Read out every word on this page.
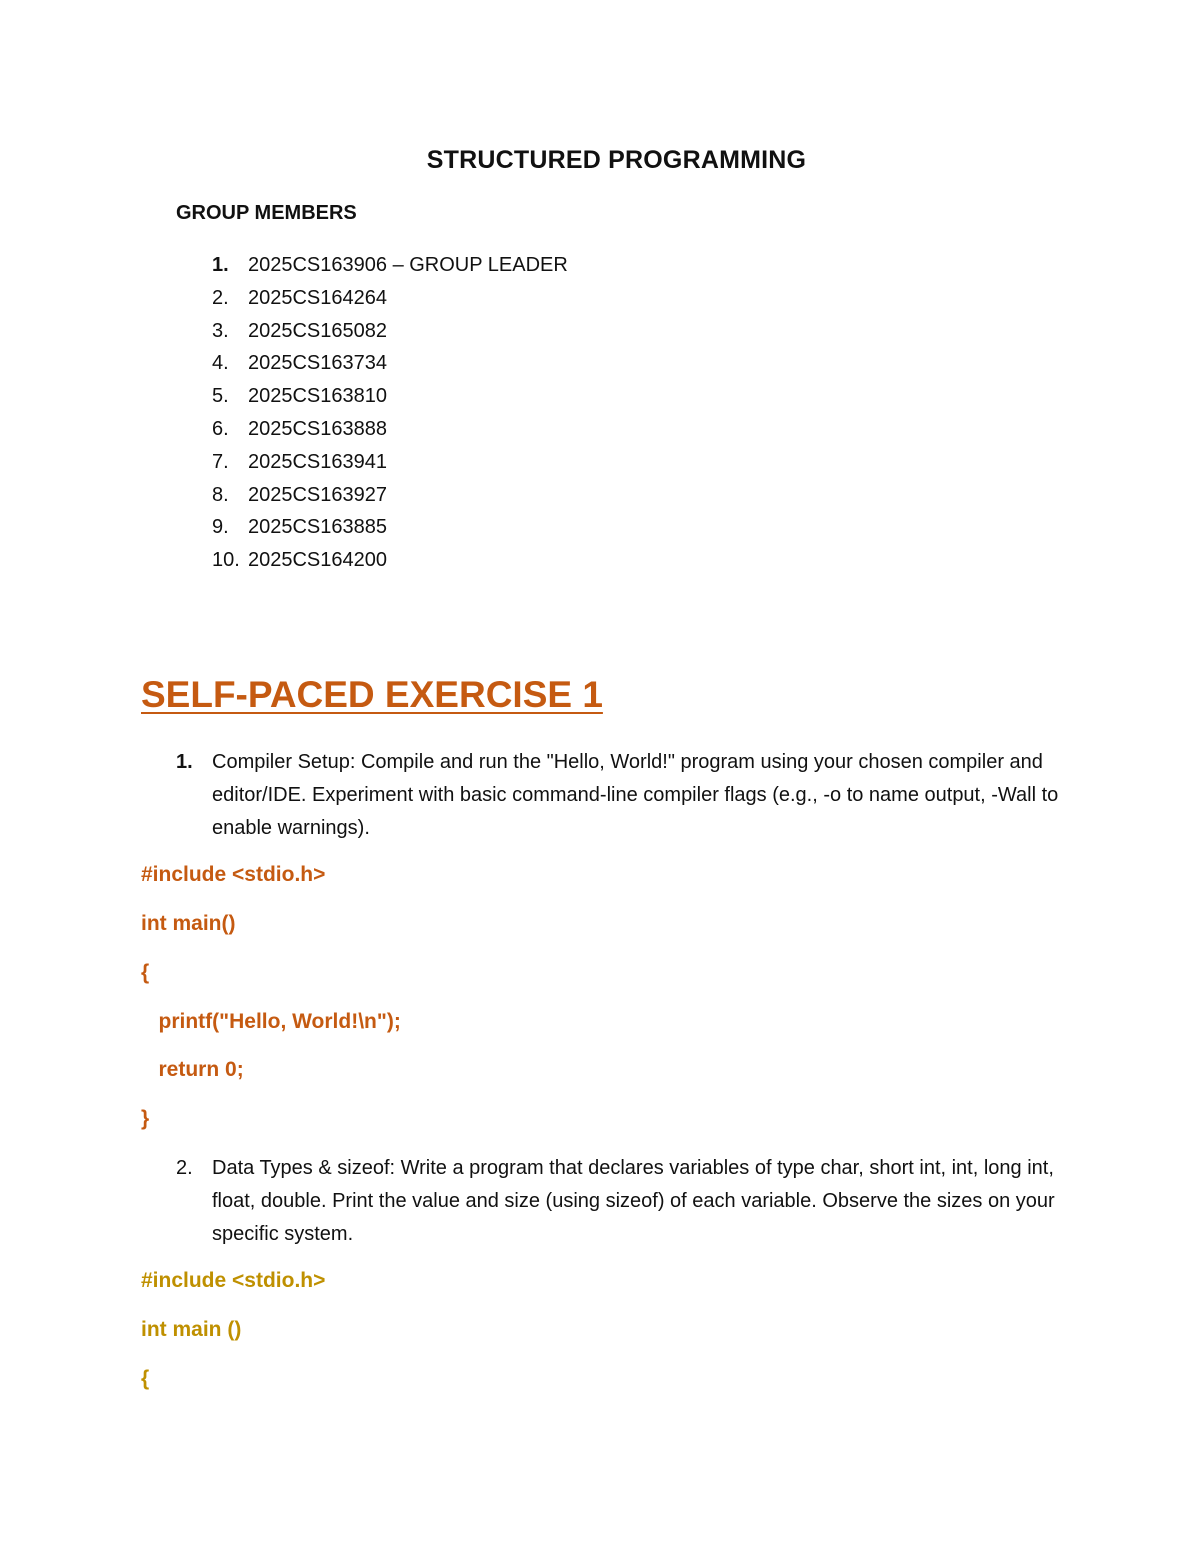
STRUCTURED PROGRAMMING
GROUP MEMBERS
1. 2025CS163906 – GROUP LEADER
2. 2025CS164264
3. 2025CS165082
4. 2025CS163734
5. 2025CS163810
6. 2025CS163888
7. 2025CS163941
8. 2025CS163927
9. 2025CS163885
10. 2025CS164200
SELF-PACED EXERCISE 1
1. Compiler Setup: Compile and run the "Hello, World!" program using your chosen compiler and editor/IDE. Experiment with basic command-line compiler flags (e.g., -o to name output, -Wall to enable warnings).
#include <stdio.h>
int main()
{
printf("Hello, World!\n");
return 0;
}
2. Data Types & sizeof: Write a program that declares variables of type char, short int, int, long int, float, double. Print the value and size (using sizeof) of each variable. Observe the sizes on your specific system.
#include <stdio.h>
int main ()
{
